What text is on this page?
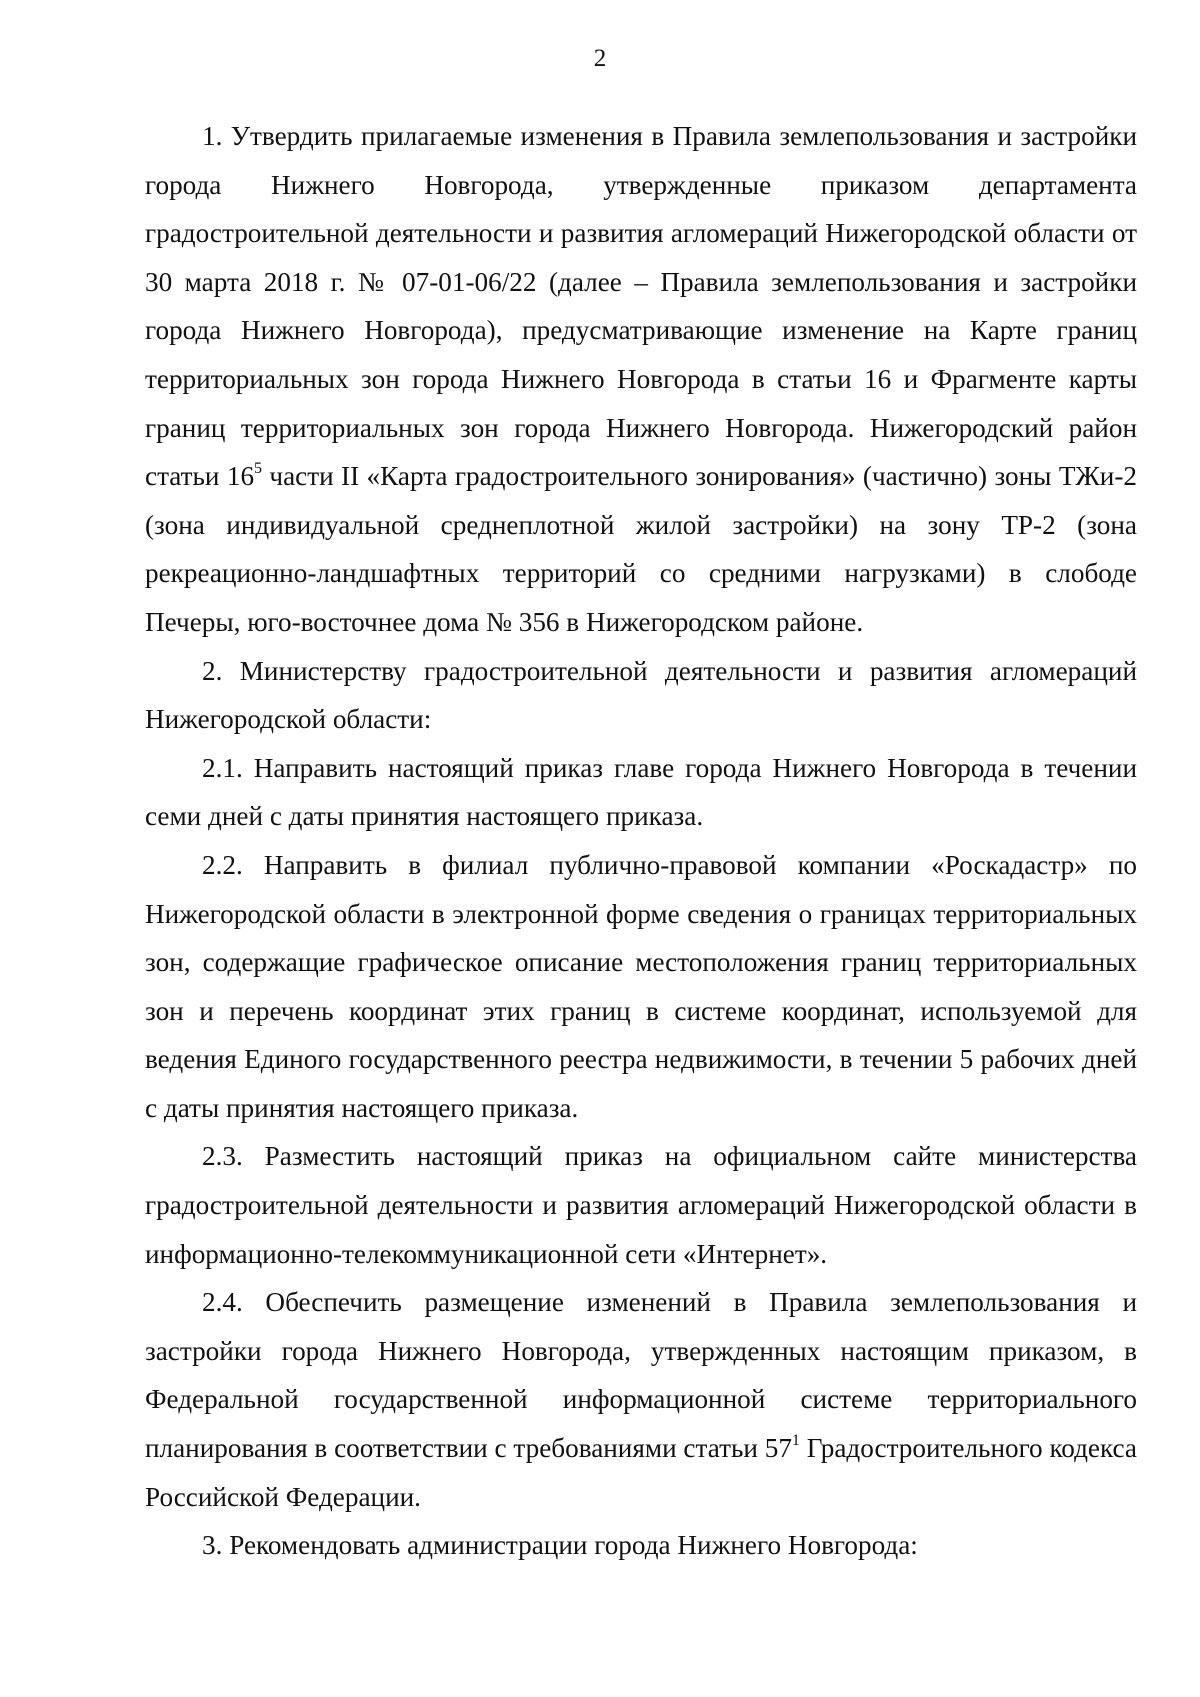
2

1. Утвердить прилагаемые изменения в Правила землепользования и застройки города Нижнего Новгорода, утвержденные приказом департамента градостроительной деятельности и развития агломераций Нижегородской области от 30 марта 2018 г. № 07-01-06/22 (далее – Правила землепользования и застройки города Нижнего Новгорода), предусматривающие изменение на Карте границ территориальных зон города Нижнего Новгорода в статьи 16 и Фрагменте карты границ территориальных зон города Нижнего Новгорода. Нижегородский район статьи $16^5$ части II «Карта градостроительного зонирования» (частично) зоны ТЖи-2 (зона индивидуальной среднеплотной жилой застройки) на зону ТР-2 (зона рекреационно-ландшафтных территорий со средними нагрузками) в слободе Печеры, юго-восточнее дома № 356 в Нижегородском районе.

2. Министерству градостроительной деятельности и развития агломераций Нижегородской области:

2.1. Направить настоящий приказ главе города Нижнего Новгорода в течении семи дней с даты принятия настоящего приказа.

2.2. Направить в филиал публично-правовой компании «Роскадастр» по Нижегородской области в электронной форме сведения о границах территориальных зон, содержащие графическое описание местоположения границ территориальных зон и перечень координат этих границ в системе координат, используемой для ведения Единого государственного реестра недвижимости, в течении 5 рабочих дней с даты принятия настоящего приказа.

2.3. Разместить настоящий приказ на официальном сайте министерства градостроительной деятельности и развития агломераций Нижегородской области в информационно-телекоммуникационной сети «Интернет».

2.4. Обеспечить размещение изменений в Правила землепользования и застройки города Нижнего Новгорода, утвержденных настоящим приказом, в Федеральной государственной информационной системе территориального планирования в соответствии с требованиями статьи $57^1$ Градостроительного кодекса Российской Федерации.

3. Рекомендовать администрации города Нижнего Новгорода:
